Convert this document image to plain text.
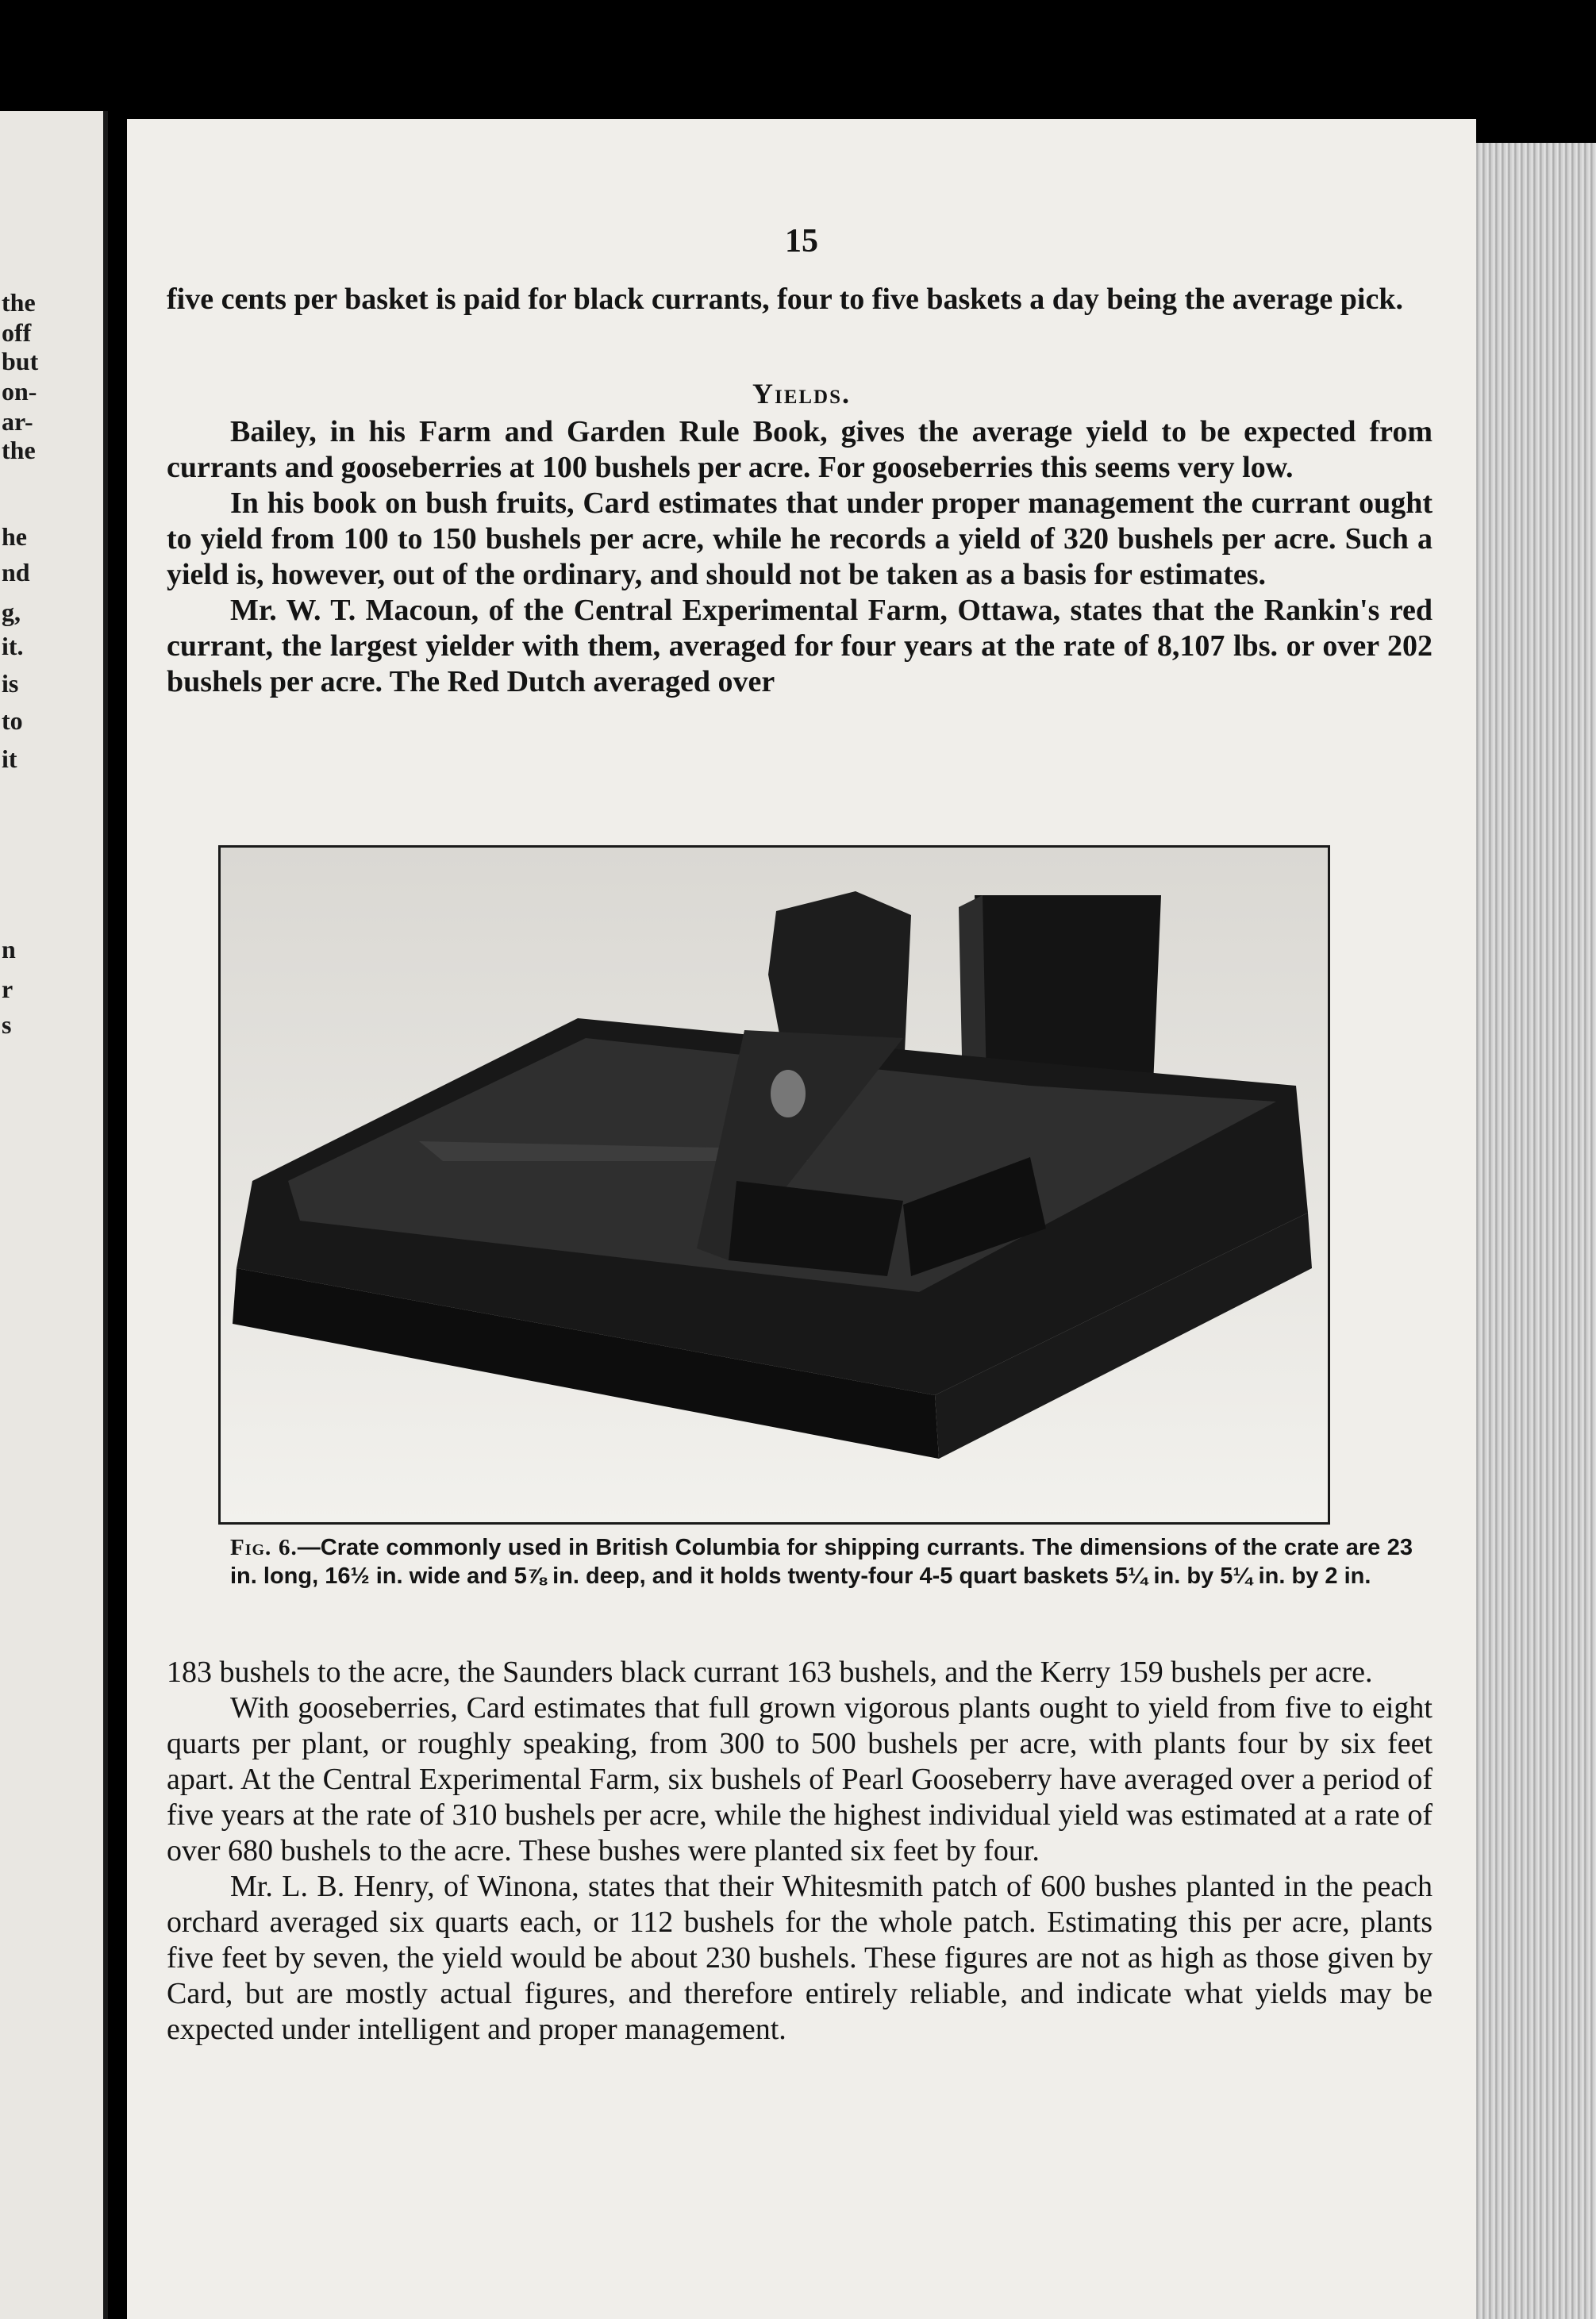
the
off
but
on-
ar-
the
he
nd
g,
it.
is
to
it
n
r
s
15

five cents per basket is paid for black currants, four to five baskets a day being the average pick.

Yields.

Bailey, in his Farm and Garden Rule Book, gives the average yield to be expected from currants and gooseberries at 100 bushels per acre. For gooseberries this seems very low.

In his book on bush fruits, Card estimates that under proper management the currant ought to yield from 100 to 150 bushels per acre, while he records a yield of 320 bushels per acre. Such a yield is, however, out of the ordinary, and should not be taken as a basis for estimates.

Mr. W. T. Macoun, of the Central Experimental Farm, Ottawa, states that the Rankin's red currant, the largest yielder with them, averaged for four years at the rate of 8,107 lbs. or over 202 bushels per acre. The Red Dutch averaged over

Fig. 6.—Crate commonly used in British Columbia for shipping currants. The dimensions of the crate are 23 in. long, 16½ in. wide and 5⅞ in. deep, and it holds twenty-four 4-5 quart baskets 5¼ in. by 5¼ in. by 2 in.

183 bushels to the acre, the Saunders black currant 163 bushels, and the Kerry 159 bushels per acre.

With gooseberries, Card estimates that full grown vigorous plants ought to yield from five to eight quarts per plant, or roughly speaking, from 300 to 500 bushels per acre, with plants four by six feet apart. At the Central Experimental Farm, six bushels of Pearl Gooseberry have averaged over a period of five years at the rate of 310 bushels per acre, while the highest individual yield was estimated at a rate of over 680 bushels to the acre. These bushes were planted six feet by four.

Mr. L. B. Henry, of Winona, states that their Whitesmith patch of 600 bushes planted in the peach orchard averaged six quarts each, or 112 bushels for the whole patch. Estimating this per acre, plants five feet by seven, the yield would be about 230 bushels. These figures are not as high as those given by Card, but are mostly actual figures, and therefore entirely reliable, and indicate what yields may be expected under intelligent and proper management.
